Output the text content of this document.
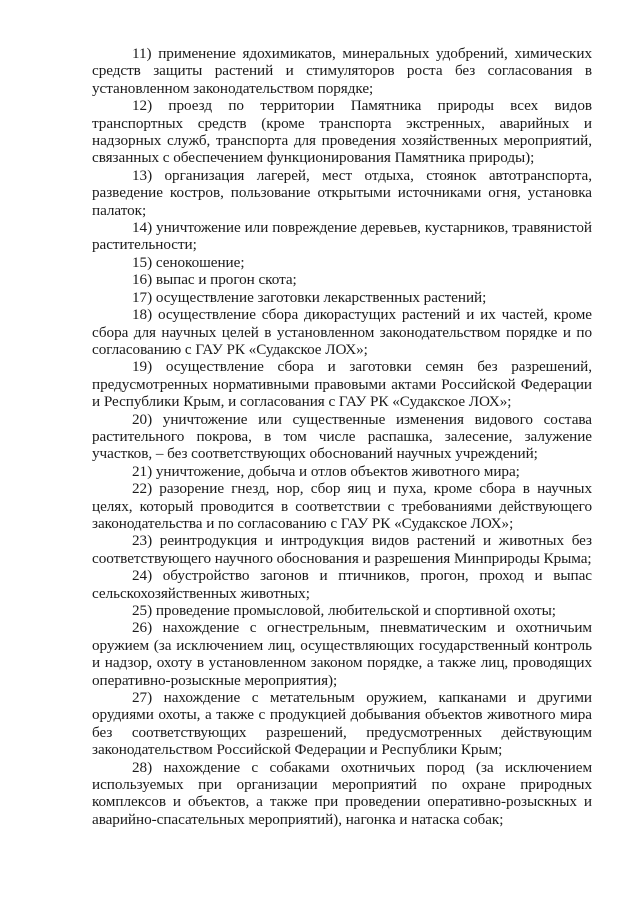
11) применение ядохимикатов, минеральных удобрений, химических средств защиты растений и стимуляторов роста без согласования в установленном законодательством порядке;

12) проезд по территории Памятника природы всех видов транспортных средств (кроме транспорта экстренных, аварийных и надзорных служб, транспорта для проведения хозяйственных мероприятий, связанных с обеспечением функционирования Памятника природы);

13) организация лагерей, мест отдыха, стоянок автотранспорта, разведение костров, пользование открытыми источниками огня, установка палаток;

14) уничтожение или повреждение деревьев, кустарников, травянистой растительности;

15) сенокошение;

16) выпас и прогон скота;

17) осуществление заготовки лекарственных растений;

18) осуществление сбора дикорастущих растений и их частей, кроме сбора для научных целей в установленном законодательством порядке и по согласованию с ГАУ РК «Судакское ЛОХ»;

19) осуществление сбора и заготовки семян без разрешений, предусмотренных нормативными правовыми актами Российской Федерации и Республики Крым, и согласования с ГАУ РК «Судакское ЛОХ»;

20) уничтожение или существенные изменения видового состава растительного покрова, в том числе распашка, залесение, залужение участков, – без соответствующих обоснований научных учреждений;

21) уничтожение, добыча и отлов объектов животного мира;

22) разорение гнезд, нор, сбор яиц и пуха, кроме сбора в научных целях, который проводится в соответствии с требованиями действующего законодательства и по согласованию с ГАУ РК «Судакское ЛОХ»;

23) реинтродукция и интродукция видов растений и животных без соответствующего научного обоснования и разрешения Минприроды Крыма;

24) обустройство загонов и птичников, прогон, проход и выпас сельскохозяйственных животных;

25) проведение промысловой, любительской и спортивной охоты;

26) нахождение с огнестрельным, пневматическим и охотничьим оружием (за исключением лиц, осуществляющих государственный контроль и надзор, охоту в установленном законом порядке, а также лиц, проводящих оперативно-розыскные мероприятия);

27) нахождение с метательным оружием, капканами и другими орудиями охоты, а также с продукцией добывания объектов животного мира без соответствующих разрешений, предусмотренных действующим законодательством Российской Федерации и Республики Крым;

28) нахождение с собаками охотничьих пород (за исключением используемых при организации мероприятий по охране природных комплексов и объектов, а также при проведении оперативно-розыскных и аварийно-спасательных мероприятий), нагонка и натаска собак;
